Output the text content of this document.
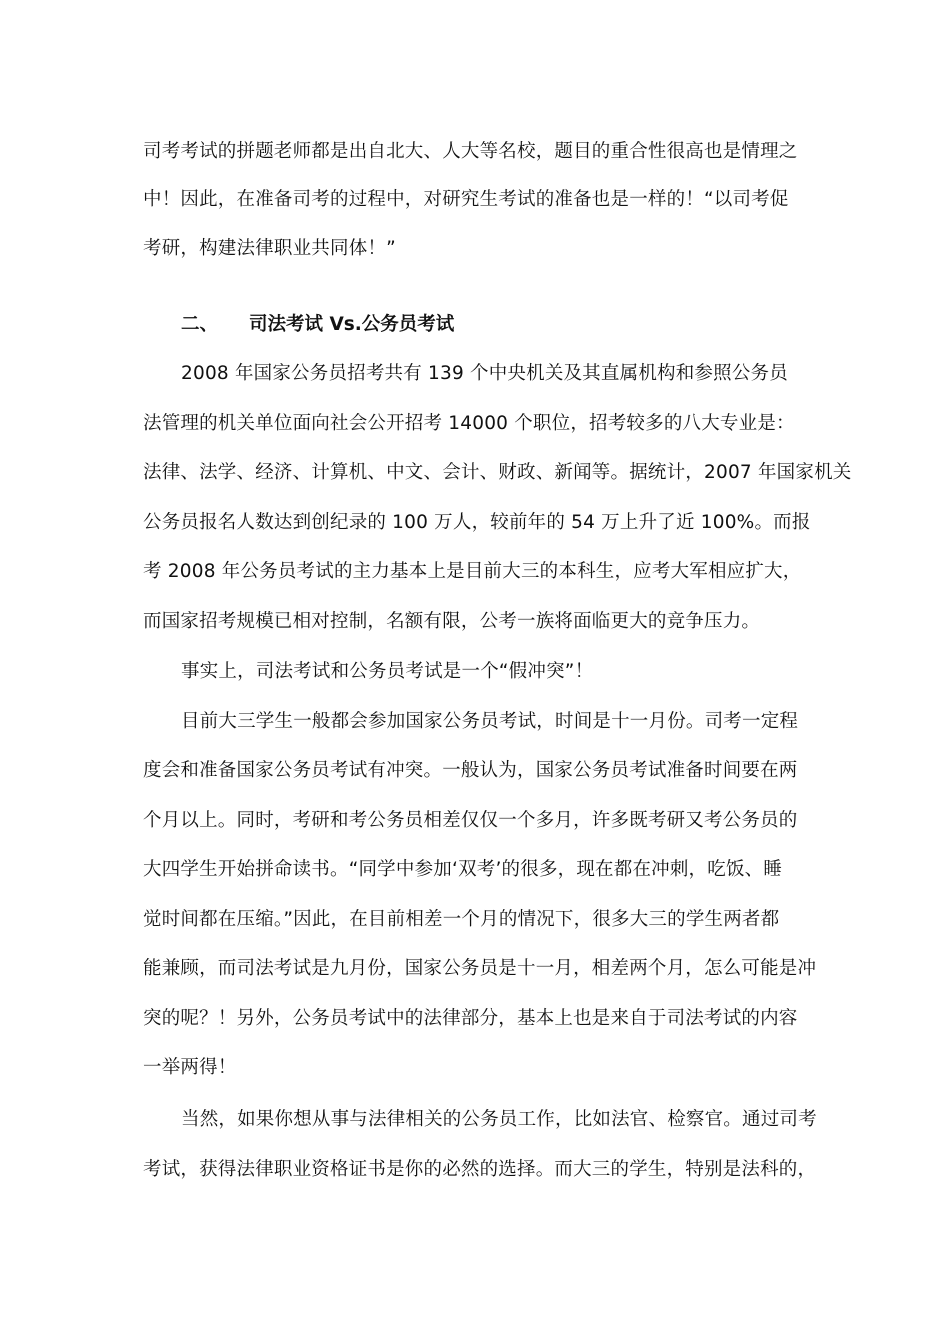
司考考试的拼题老师都是出自北大、人大等名校，题目的重合性很高也是情理之
中！因此，在准备司考的过程中，对研究生考试的准备也是一样的！“以司考促
考研，构建法律职业共同体！”
二、 司法考试 Vs.公务员考试
2008 年国家公务员招考共有 139 个中央机关及其直属机构和参照公务员
法管理的机关单位面向社会公开招考 14000 个职位，招考较多的八大专业是：
法律、法学、经济、计算机、中文、会计、财政、新闻等。据统计，2007 年国家机关
公务员报名人数达到创纪录的 100 万人，较前年的 54 万上升了近 100%。而报
考 2008 年公务员考试的主力基本上是目前大三的本科生，应考大军相应扩大，
而国家招考规模已相对控制，名额有限，公考一族将面临更大的竞争压力。
事实上，司法考试和公务员考试是一个“假冲突”！
目前大三学生一般都会参加国家公务员考试，时间是十一月份。司考一定程
度会和准备国家公务员考试有冲突。一般认为，国家公务员考试准备时间要在两
个月以上。同时，考研和考公务员相差仅仅一个多月，许多既考研又考公务员的
大四学生开始拼命读书。“同学中参加‘双考’的很多，现在都在冲刺，吃饭、睡
觉时间都在压缩。”因此，在目前相差一个月的情况下，很多大三的学生两者都
能兼顾，而司法考试是九月份，国家公务员是十一月，相差两个月，怎么可能是冲
突的呢？！另外，公务员考试中的法律部分，基本上也是来自于司法考试的内容
一举两得！
当然，如果你想从事与法律相关的公务员工作，比如法官、检察官。通过司考
考试，获得法律职业资格证书是你的必然的选择。而大三的学生，特别是法科的，
